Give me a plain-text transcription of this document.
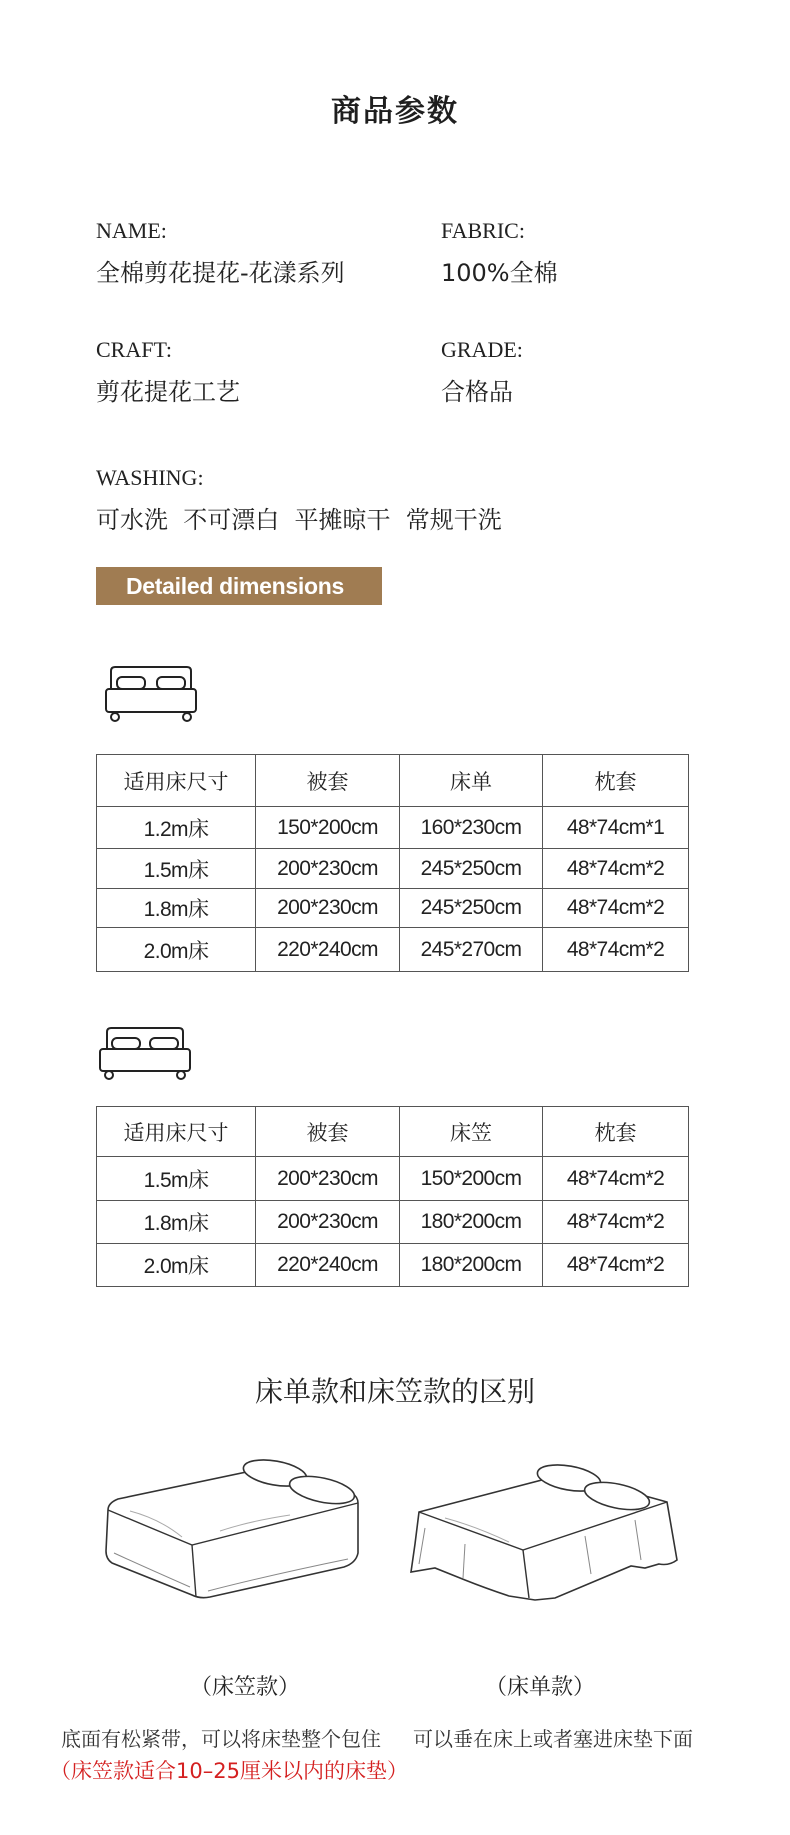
商品参数
NAME:
全棉剪花提花-花漾系列
FABRIC:
100%全棉
CRAFT:
剪花提花工艺
GRADE:
合格品
WASHING:
可水洗  不可漂白  平摊晾干  常规干洗
Detailed dimensions
适用床尺寸	被套	床单	枕套
1.2m床	150*200cm	160*230cm	48*74cm*1
1.5m床	200*230cm	245*250cm	48*74cm*2
1.8m床	200*230cm	245*250cm	48*74cm*2
2.0m床	220*240cm	245*270cm	48*74cm*2
适用床尺寸	被套	床笠	枕套
1.5m床	200*230cm	150*200cm	48*74cm*2
1.8m床	200*230cm	180*200cm	48*74cm*2
2.0m床	220*240cm	180*200cm	48*74cm*2
床单款和床笠款的区别
（床笠款）	（床单款）
底面有松紧带，可以将床垫整个包住 可以垂在床上或者塞进床垫下面
（床笠款适合10–25厘米以内的床垫）
